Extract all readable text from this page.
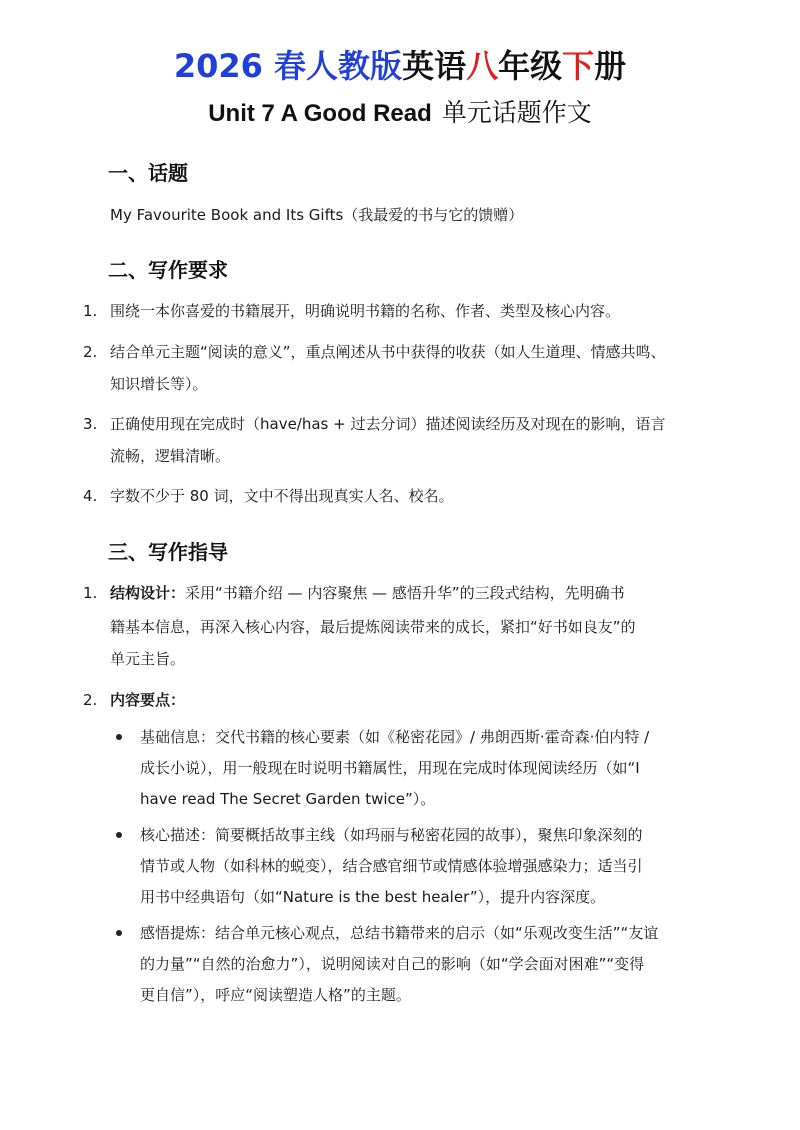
2026 春人教版英语八年级下册
Unit 7 A Good Read 单元话题作文
一、话题
My Favourite Book and Its Gifts（我最爱的书与它的馈赠）
二、写作要求
1. 围绕一本你喜爱的书籍展开，明确说明书籍的名称、作者、类型及核心内容。
2. 结合单元主题“阅读的意义”，重点阐述从书中获得的收获（如人生道理、情感共鸣、
知识增长等）。
3. 正确使用现在完成时（have/has + 过去分词）描述阅读经历及对现在的影响，语言
流畅，逻辑清晰。
4. 字数不少于 80 词，文中不得出现真实人名、校名。
三、写作指导
1. 结构设计：采用“书籍介绍 — 内容聚焦 — 感悟升华”的三段式结构，先明确书
籍基本信息，再深入核心内容，最后提炼阅读带来的成长，紧扣“好书如良友”的
单元主旨。
2. 内容要点：
基础信息：交代书籍的核心要素（如《秘密花园》/ 弗朗西斯·霍奇森·伯内特 /
成长小说），用一般现在时说明书籍属性，用现在完成时体现阅读经历（如“I
have read The Secret Garden twice”）。
核心描述：简要概括故事主线（如玛丽与秘密花园的故事），聚焦印象深刻的
情节或人物（如科林的蜕变），结合感官细节或情感体验增强感染力；适当引
用书中经典语句（如“Nature is the best healer”），提升内容深度。
感悟提炼：结合单元核心观点，总结书籍带来的启示（如“乐观改变生活”“友谊
的力量”“自然的治愈力”），说明阅读对自己的影响（如“学会面对困难”“变得
更自信”），呼应“阅读塑造人格”的主题。
